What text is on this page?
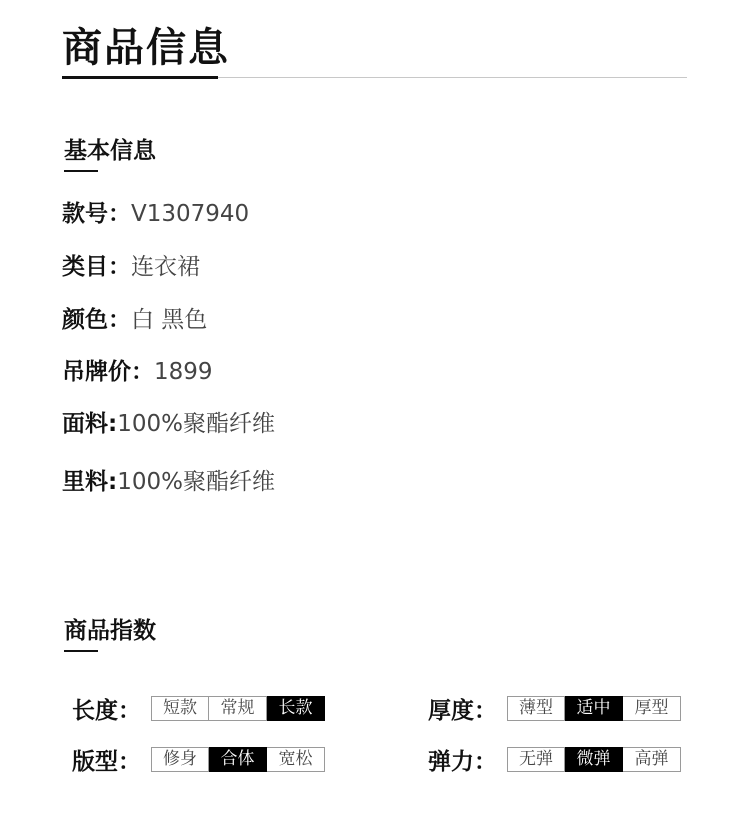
商品信息
基本信息
款号：V1307940
类目：连衣裙
颜色：白 黑色
吊牌价：1899
面料:100%聚酯纤维
里料:100%聚酯纤维
商品指数
长度：	短款	常规	长款	厚度：	薄型	适中	厚型
版型：	修身	合体	宽松	弹力：	无弹	微弹	高弹
